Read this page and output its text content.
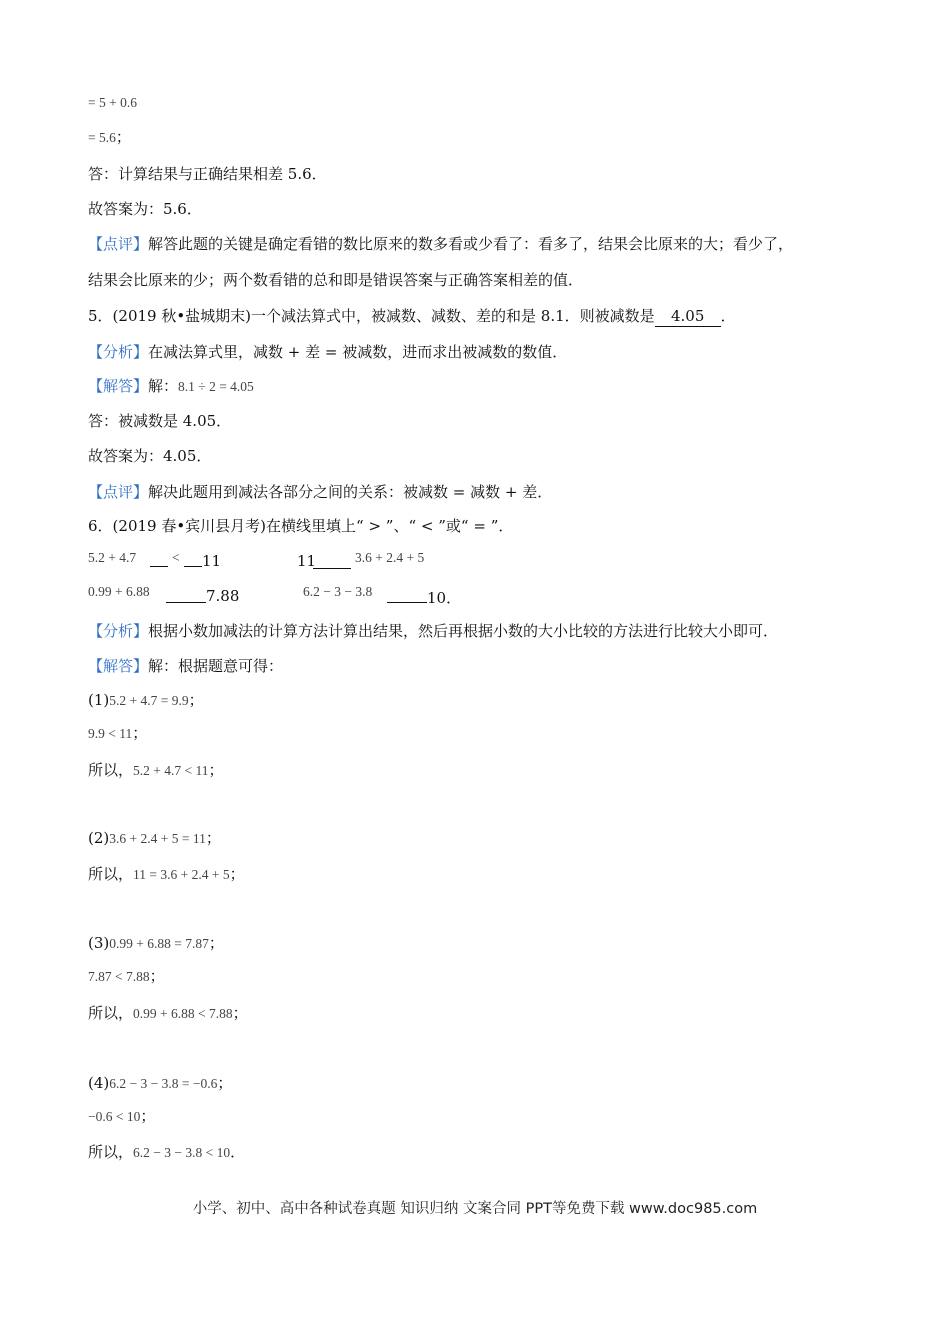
= 5 + 0.6
= 5.6；
答：计算结果与正确结果相差 5.6．
故答案为：5.6．
【点评】解答此题的关键是确定看错的数比原来的数多看或少看了：看多了，结果会比原来的大；看少了，
结果会比原来的少；两个数看错的总和即是错误答案与正确答案相差的值．
5．(2019 秋•盐城期末)一个减法算式中，被减数、减数、差的和是 8.1．则被减数是 4.05 ．
【分析】在减法算式里，减数 + 差 = 被减数，进而求出被减数的数值．
【解答】解：8.1 ÷ 2 = 4.05
答：被减数是 4.05．
故答案为：4.05．
【点评】解决此题用到减法各部分之间的关系：被减数 = 减数 + 差．
6．(2019 春•宾川县月考)在横线里填上“ > ”、“ < ”或“ = ”．
5.2 + 4.7	< 11	11	3.6 + 2.4 + 5
0.99 + 6.88	7.88	6.2 − 3 − 3.8	10．
【分析】根据小数加减法的计算方法计算出结果，然后再根据小数的大小比较的方法进行比较大小即可．
【解答】解：根据题意可得：
(1)5.2 + 4.7 = 9.9；
9.9 < 11；
所以，5.2 + 4.7 < 11；
(2)3.6 + 2.4 + 5 = 11；
所以，11 = 3.6 + 2.4 + 5；
(3)0.99 + 6.88 = 7.87；
7.87 < 7.88；
所以，0.99 + 6.88 < 7.88；
(4)6.2 − 3 − 3.8 = −0.6；
−0.6 < 10；
所以，6.2 − 3 − 3.8 < 10．
小学、初中、高中各种试卷真题 知识归纳 文案合同 PPT等免费下载 www.doc985.com
